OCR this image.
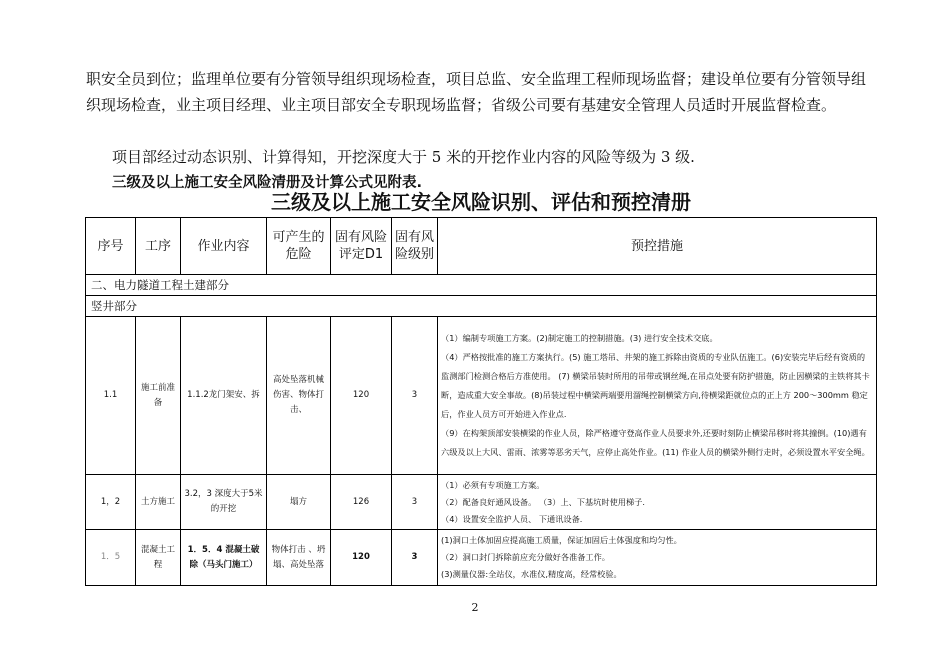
职安全员到位；监理单位要有分管领导组织现场检查，项目总监、安全监理工程师现场监督；建设单位要有分管领导组织现场检查，业主项目经理、业主项目部安全专职现场监督；省级公司要有基建安全管理人员适时开展监督检查。
项目部经过动态识别、计算得知，开挖深度大于 5 米的开挖作业内容的风险等级为 3 级.
三级及以上施工安全风险清册及计算公式见附表.
三级及以上施工安全风险识别、评估和预控清册
序号	工序	作业内容	可产生的危险	固有风险评定D1	固有风险级别	预控措施
二、电力隧道工程土建部分						
竖井部分						
1.1	施工前准备	1.1.2龙门架安、拆	高处坠落机械伤害、物体打击、	120	3	（1）编制专项施工方案。(2)制定施工的控制措施。(3) 进行安全技术交底。
（4）严格按批准的施工方案执行。(5) 施工塔吊、井架的施工拆除由资质的专业队伍施工。(6)安装完毕后经有资质的监测部门检测合格后方准使用。 (7) 横梁吊装时所用的吊带或钢丝绳,在吊点处要有防护措施，防止因横梁的主铁将其卡断，造成重大安全事故。(8)吊装过程中横梁两端要用溜绳控制横梁方向,待横梁距就位点的正上方 200～300mm 稳定后，作业人员方可开始进入作业点.
（9）在构架顶部安装横梁的作业人员，除严格遵守登高作业人员要求外,还要时刻防止横梁吊移时将其撞倒。(10)遇有六级及以上大风、雷雨、浓雾等恶劣天气，应停止高处作业。(11) 作业人员的横梁外侧行走时，必须设置水平安全绳。

1，2	土方施工	3.2，3 深度大于5米的开挖	塌方	126	3	（1）必须有专项施工方案。
（2）配备良好通风设备。 （3）上、下基坑时使用梯子.
（4）设置安全监护人员、 下通讯设备.

1．5	混凝土工程	1．5．4 混凝土破除（马头门施工）	物体打击 、坍塌、高处坠落	120	3	(1)洞口土体加固应提高施工质量，保证加固后土体强度和均匀性。
（2）洞口封门拆除前应充分做好各准备工作。
(3)测量仪器:全站仪，水准仪,精度高，经常校验。
2
